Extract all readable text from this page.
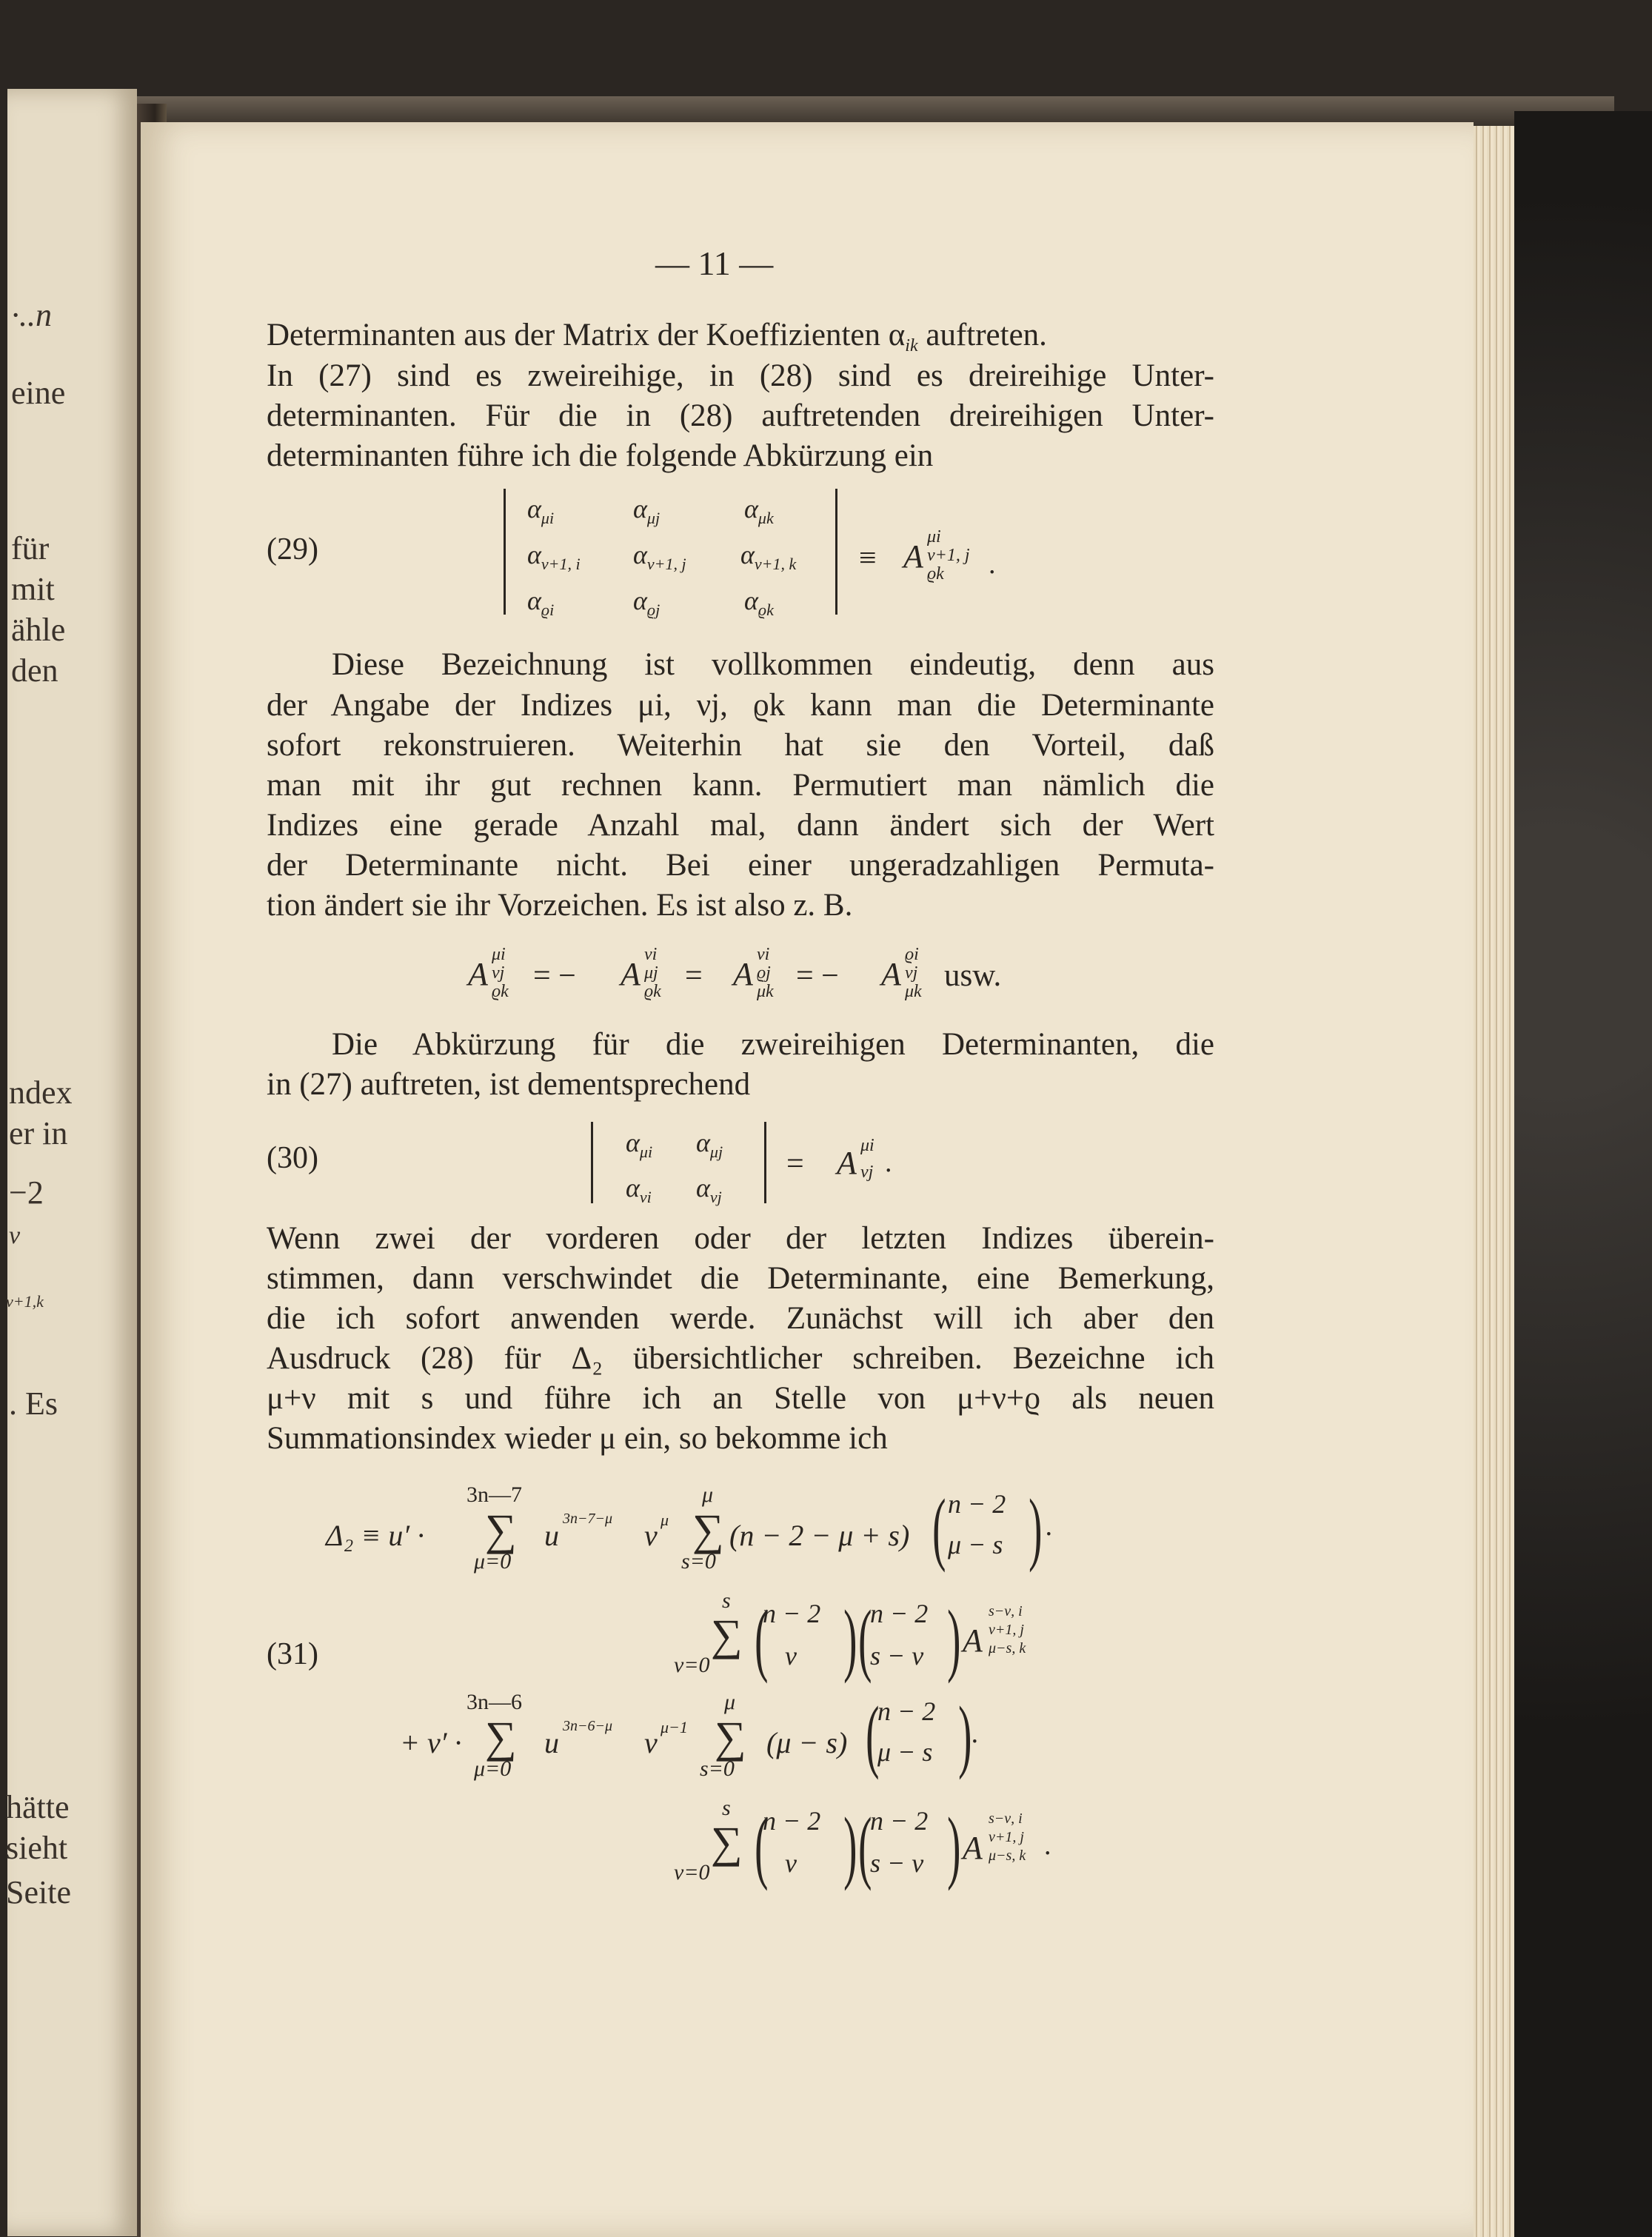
·..n
eine
für
mit
ähle
den
ndex
er in
−2
ν
ν+1,k
. Es
hätte
sieht
Seite
— 11 —
Determinanten aus der Matrix der Koeffizienten αik auftreten.
In (27) sind es zweireihige, in (28) sind es dreireihige Unter-
determinanten. Für die in (28) auftretenden dreireihigen Unter-
determinanten führe ich die folgende Abkürzung ein
(29)
$\alpha_{\mu i}$	$\alpha_{\mu j}$	$\alpha_{\mu k}$
$\alpha_{\nu+1, i}$ $\alpha_{\nu+1, j}$ $\alpha_{\nu+1, k}$
$\alpha_{ϱi}$	$\alpha_{ϱj}$	$\alpha_{ϱk}$
≡ A
μi
ν+1, j
ϱk .
Diese Bezeichnung ist vollkommen eindeutig, denn aus
der Angabe der Indizes μi, νj, ϱk kann man die Determinante
sofort rekonstruieren. Weiterhin hat sie den Vorteil, daß
man mit ihr gut rechnen kann. Permutiert man nämlich die
Indizes eine gerade Anzahl mal, dann ändert sich der Wert
der Determinante nicht. Bei einer ungeradzahligen Permuta-
tion ändert sie ihr Vorzeichen. Es ist also z. B.
A
μi
νj
ϱk = − A
νi
μj
ϱk = A
νi
ϱj
μk = − A
ϱi
νj
μk usw.
Die Abkürzung für die zweireihigen Determinanten, die
in (27) auftreten, ist dementsprechend
(30)	$\alpha_{\mu i}$ $\alpha_{\mu j}$
$\alpha_{\nu i}$ $\alpha_{\nu j}$
= A μi
νj .
Wenn zwei der vorderen oder der letzten Indizes überein-
stimmen, dann verschwindet die Determinante, eine Bemerkung,
die ich sofort anwenden werde. Zunächst will ich aber den
Ausdruck (28) für Δ₂ übersichtlicher schreiben. Bezeichne ich
μ+ν mit s und führe ich an Stelle von μ+ν+ϱ als neuen
Summationsindex wieder μ ein, so bekomme ich
(31)
Δ₂ ≡ u′ ·
3n—7
∑
μ=0
u 3n−7−μ v μ
μ
∑
s=0
(n − 2 − μ + s) ( n − 2
μ − s ) ·
s
∑
ν=0 (
n − 2
ν ) (
n − 2
s − ν ) A
s−ν, i
ν+1, j
μ−s, k
+ v′ ·
3n—6
∑
μ=0
u 3n−6−μ v μ−1
μ
∑
s=0
(μ − s) (
n − 2
μ − s )
·
s
∑
ν=0 (
n − 2
ν ) (
n − 2
s − ν ) A
s−ν, i
ν+1, j
μ−s, k .
